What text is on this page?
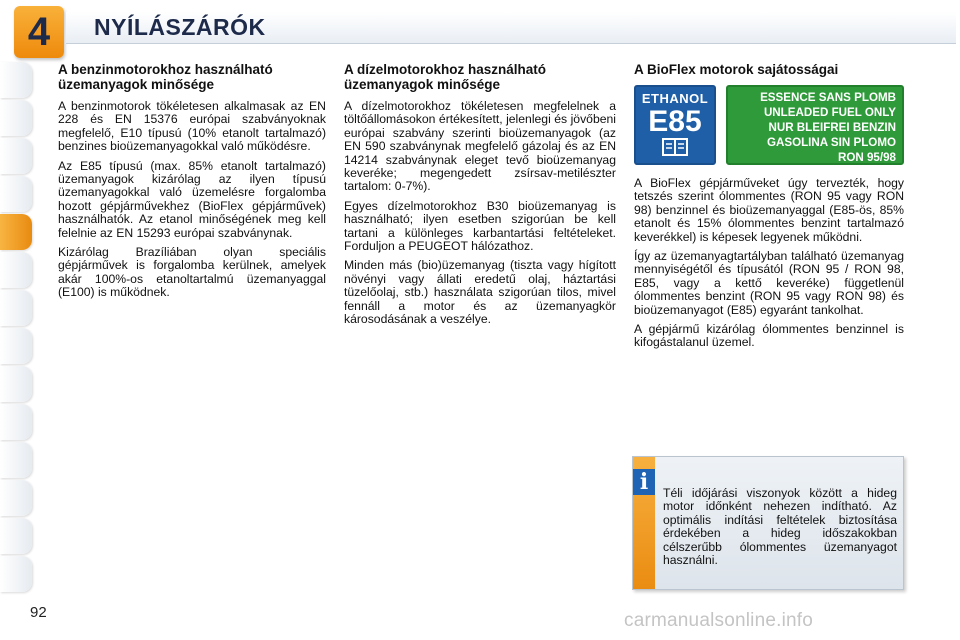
4	NYÍLÁSZÁRÓK
A benzinmotorokhoz használható üzemanyagok minősége

A benzinmotorok tökéletesen alkalmasak az EN 228 és EN 15376 európai szabványoknak megfelelő, E10 típusú (10% etanolt tartalmazó) benzines bioüzemanyagokkal való működésre.

Az E85 típusú (max. 85% etanolt tartalmazó) üzemanyagok kizárólag az ilyen típusú üzemanyagokkal való üzemelésre forgalomba hozott gépjárművekhez (BioFlex gépjárművek) használhatók. Az etanol minőségének meg kell felelnie az EN 15293 európai szabványnak.

Kizárólag Brazíliában olyan speciális gépjárművek is forgalomba kerülnek, amelyek akár 100%-os etanoltartalmú üzemanyaggal (E100) is működnek.

A dízelmotorokhoz használható üzemanyagok minősége

A dízelmotorokhoz tökéletesen megfelelnek a töltőállomásokon értékesített, jelenlegi és jövőbeni európai szabvány szerinti bioüzemanyagok (az EN 590 szabványnak megfelelő gázolaj és az EN 14214 szabványnak eleget tevő bioüzemanyag keveréke; megengedett zsírsav-metilészter tartalom: 0-7%).

Egyes dízelmotorokhoz B30 bioüzemanyag is használható; ilyen esetben szigorúan be kell tartani a különleges karbantartási feltételeket. Forduljon a PEUGEOT hálózathoz.

Minden más (bio)üzemanyag (tiszta vagy hígított növényi vagy állati eredetű olaj, háztartási tüzelőolaj, stb.) használata szigorúan tilos, mivel fennáll a motor és az üzemanyagkör károsodásának a veszélye.

A BioFlex motorok sajátosságai
ETHANOL
E85
ESSENCE SANS PLOMB
UNLEADED FUEL ONLY
NUR BLEIFREI BENZIN
GASOLINA SIN PLOMO
RON 95/98

A BioFlex gépjárműveket úgy tervezték, hogy tetszés szerint ólommentes (RON 95 vagy RON 98) benzinnel és bioüzemanyaggal (E85-ös, 85% etanolt és 15% ólommentes benzint tartalmazó keverékkel) is képesek legyenek működni.

Így az üzemanyagtartályban található üzemanyag mennyiségétől és típusától (RON 95 / RON 98, E85, vagy a kettő keveréke) függetlenül ólommentes benzint (RON 95 vagy RON 98) és bioüzemanyagot (E85) egyaránt tankolhat.

A gépjármű kizárólag ólommentes benzinnel is kifogástalanul üzemel.

i	Téli időjárási viszonyok között a hideg motor időnként nehezen indítható. Az optimális indítási feltételek biztosítása érdekében a hideg időszakokban célszerűbb ólommentes üzemanyagot használni.
92	carmanualsonline.info
